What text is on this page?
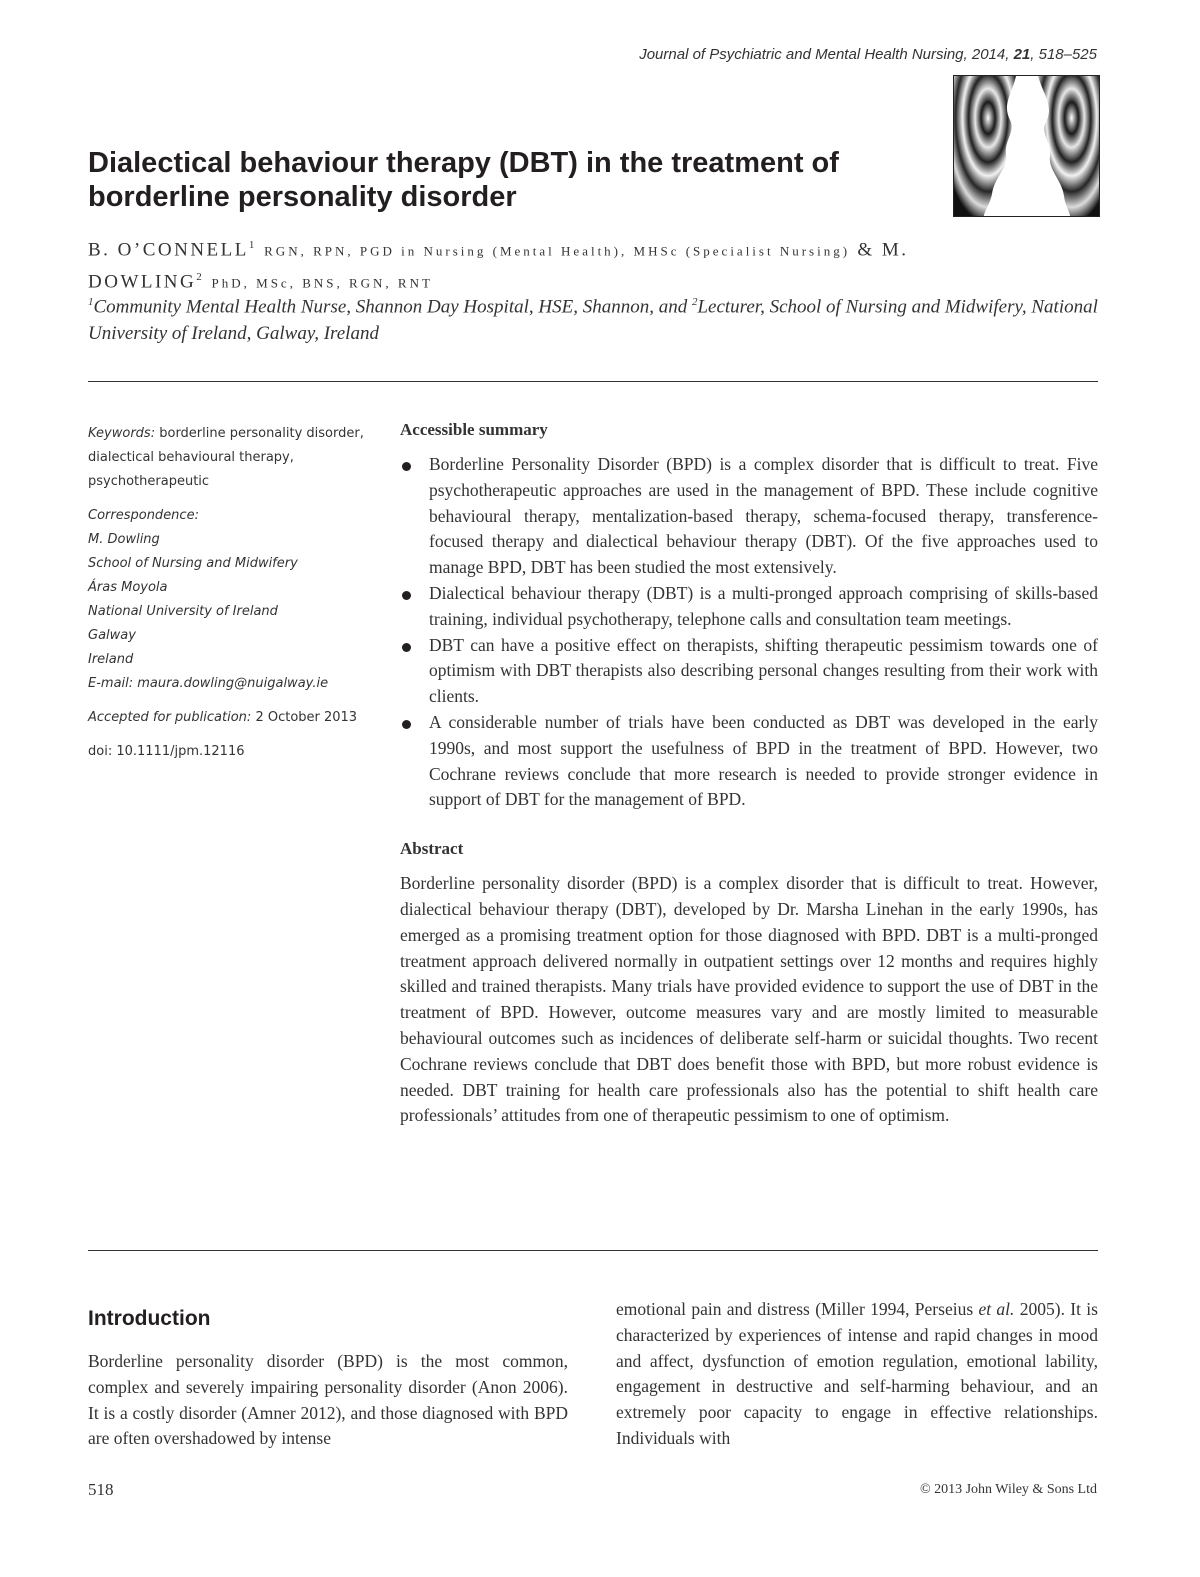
Journal of Psychiatric and Mental Health Nursing, 2014, 21, 518–525
Dialectical behaviour therapy (DBT) in the treatment of borderline personality disorder
B. O’CONNELL$^1$ RGN, RPN, PGD in Nursing (Mental Health), MHSc (Specialist Nursing) & M. DOWLING$^2$ PhD, MSc, BNS, RGN, RNT
$^1$Community Mental Health Nurse, Shannon Day Hospital, HSE, Shannon, and $^2$Lecturer, School of Nursing and Midwifery, National University of Ireland, Galway, Ireland

Keywords: borderline personality disorder, dialectical behavioural therapy, psychotherapeutic

Correspondence:
M. Dowling
School of Nursing and Midwifery
Áras Moyola
National University of Ireland
Galway
Ireland
E-mail: maura.dowling@nuigalway.ie

Accepted for publication: 2 October 2013

doi: 10.1111/jpm.12116

Accessible summary
Borderline Personality Disorder (BPD) is a complex disorder that is difficult to treat. Five psychotherapeutic approaches are used in the management of BPD. These include cognitive behavioural therapy, mentalization-based therapy, schema-focused therapy, transference-focused therapy and dialectical behaviour therapy (DBT). Of the five approaches used to manage BPD, DBT has been studied the most extensively.
Dialectical behaviour therapy (DBT) is a multi-pronged approach comprising of skills-based training, individual psychotherapy, telephone calls and consultation team meetings.
DBT can have a positive effect on therapists, shifting therapeutic pessimism towards one of optimism with DBT therapists also describing personal changes resulting from their work with clients.
A considerable number of trials have been conducted as DBT was developed in the early 1990s, and most support the usefulness of BPD in the treatment of BPD. However, two Cochrane reviews conclude that more research is needed to provide stronger evidence in support of DBT for the management of BPD.
Abstract

Borderline personality disorder (BPD) is a complex disorder that is difficult to treat. However, dialectical behaviour therapy (DBT), developed by Dr. Marsha Linehan in the early 1990s, has emerged as a promising treatment option for those diagnosed with BPD. DBT is a multi-pronged treatment approach delivered normally in outpatient settings over 12 months and requires highly skilled and trained therapists. Many trials have provided evidence to support the use of DBT in the treatment of BPD. However, outcome measures vary and are mostly limited to measurable behavioural outcomes such as incidences of deliberate self-harm or suicidal thoughts. Two recent Cochrane reviews conclude that DBT does benefit those with BPD, but more robust evidence is needed. DBT training for health care professionals also has the potential to shift health care professionals’ attitudes from one of therapeutic pessimism to one of optimism.

Introduction

Borderline personality disorder (BPD) is the most common, complex and severely impairing personality disorder (Anon 2006). It is a costly disorder (Amner 2012), and those diagnosed with BPD are often overshadowed by intense

emotional pain and distress (Miller 1994, Perseius et al. 2005). It is characterized by experiences of intense and rapid changes in mood and affect, dysfunction of emotion regulation, emotional lability, engagement in destructive and self-harming behaviour, and an extremely poor capacity to engage in effective relationships. Individuals with

518	© 2013 John Wiley & Sons Ltd
